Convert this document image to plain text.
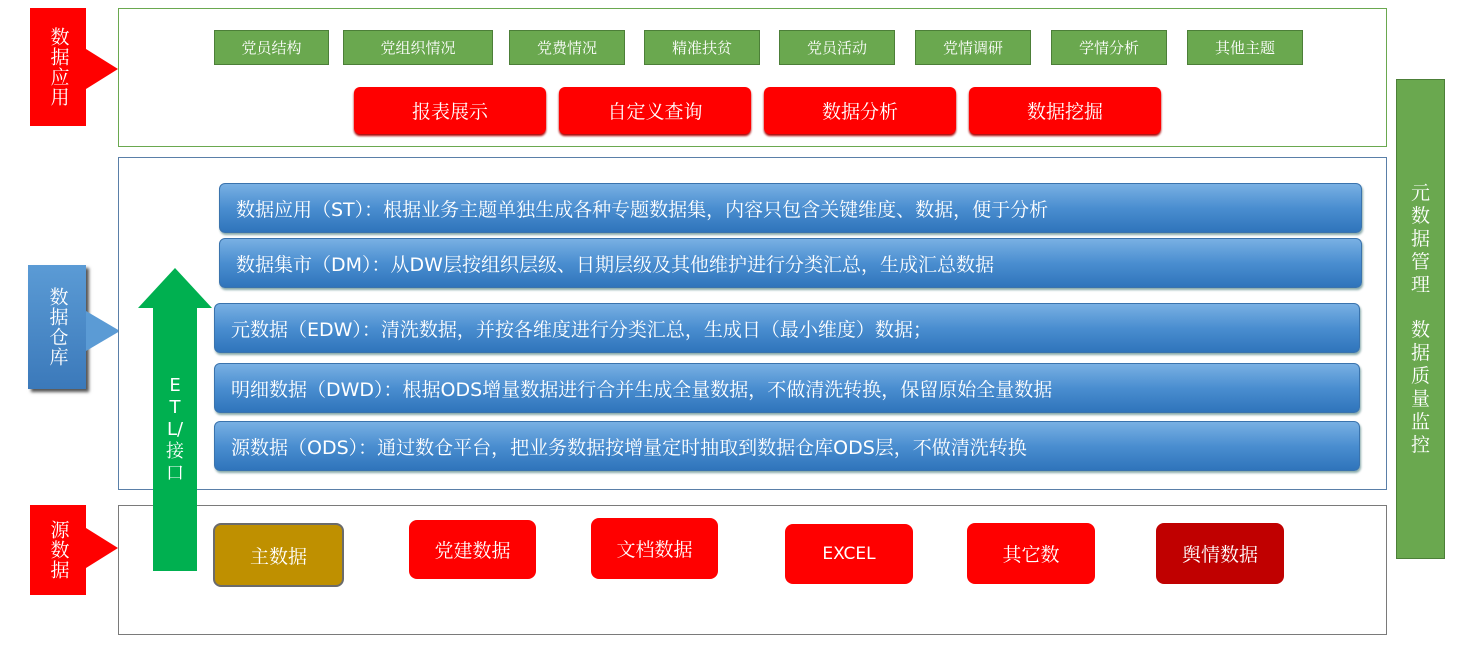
数据应用
数据仓库
源数据
党员结构	党组织情况	党费情况	精准扶贫	党员活动	党情调研	学情分析	其他主题
报表展示	自定义查询	数据分析	数据挖掘
数据应用（ST）：根据业务主题单独生成各种专题数据集，内容只包含关键维度、数据，便于分析
数据集市（DM）：从DW层按组织层级、日期层级及其他维护进行分类汇总，生成汇总数据
元数据（EDW）：清洗数据，并按各维度进行分类汇总，生成日（最小维度）数据；
明细数据（DWD）：根据ODS增量数据进行合并生成全量数据，不做清洗转换，保留原始全量数据
源数据（ODS）：通过数仓平台，把业务数据按增量定时抽取到数据仓库ODS层，不做清洗转换
主数据	党建数据	文档数据	EXCEL	其它数	舆情数据
ETL/接口
元数据管理
数据质量监控
